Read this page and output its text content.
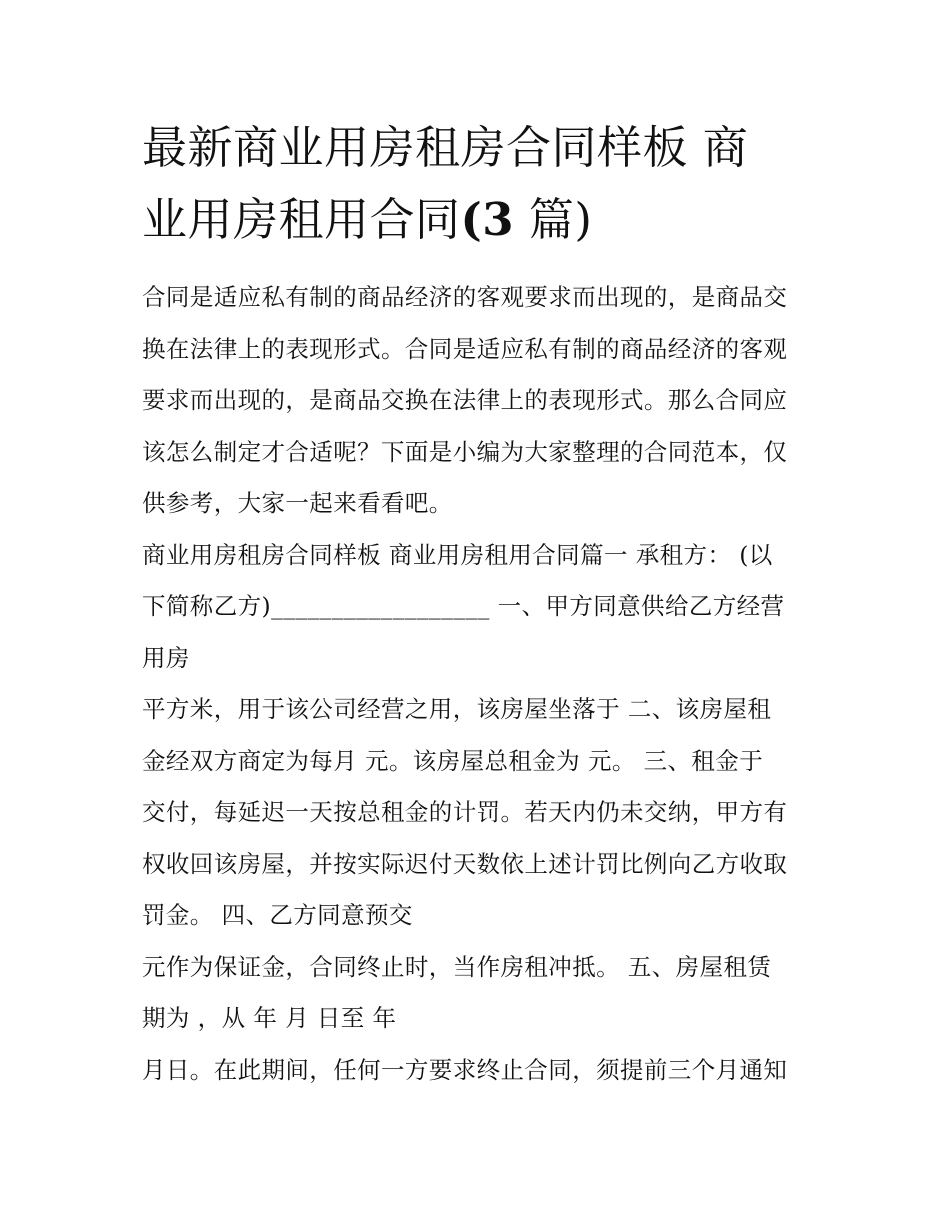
最新商业用房租房合同样板 商
业用房租用合同(3 篇)
合同是适应私有制的商品经济的客观要求而出现的，是商品交
换在法律上的表现形式。合同是适应私有制的商品经济的客观
要求而出现的，是商品交换在法律上的表现形式。那么合同应
该怎么制定才合适呢？下面是小编为大家整理的合同范本，仅
供参考，大家一起来看看吧。
商业用房租房合同样板 商业用房租用合同篇一 承租方： (以
下简称乙方)__________________ 一、甲方同意供给乙方经营
用房
平方米，用于该公司经营之用，该房屋坐落于 二、该房屋租
金经双方商定为每月 元。该房屋总租金为 元。 三、租金于
交付，每延迟一天按总租金的计罚。若天内仍未交纳，甲方有
权收回该房屋，并按实际迟付天数依上述计罚比例向乙方收取
罚金。 四、乙方同意预交
元作为保证金，合同终止时，当作房租冲抵。 五、房屋租赁
期为 ，从 年 月 日至 年
月日。在此期间，任何一方要求终止合同，须提前三个月通知
